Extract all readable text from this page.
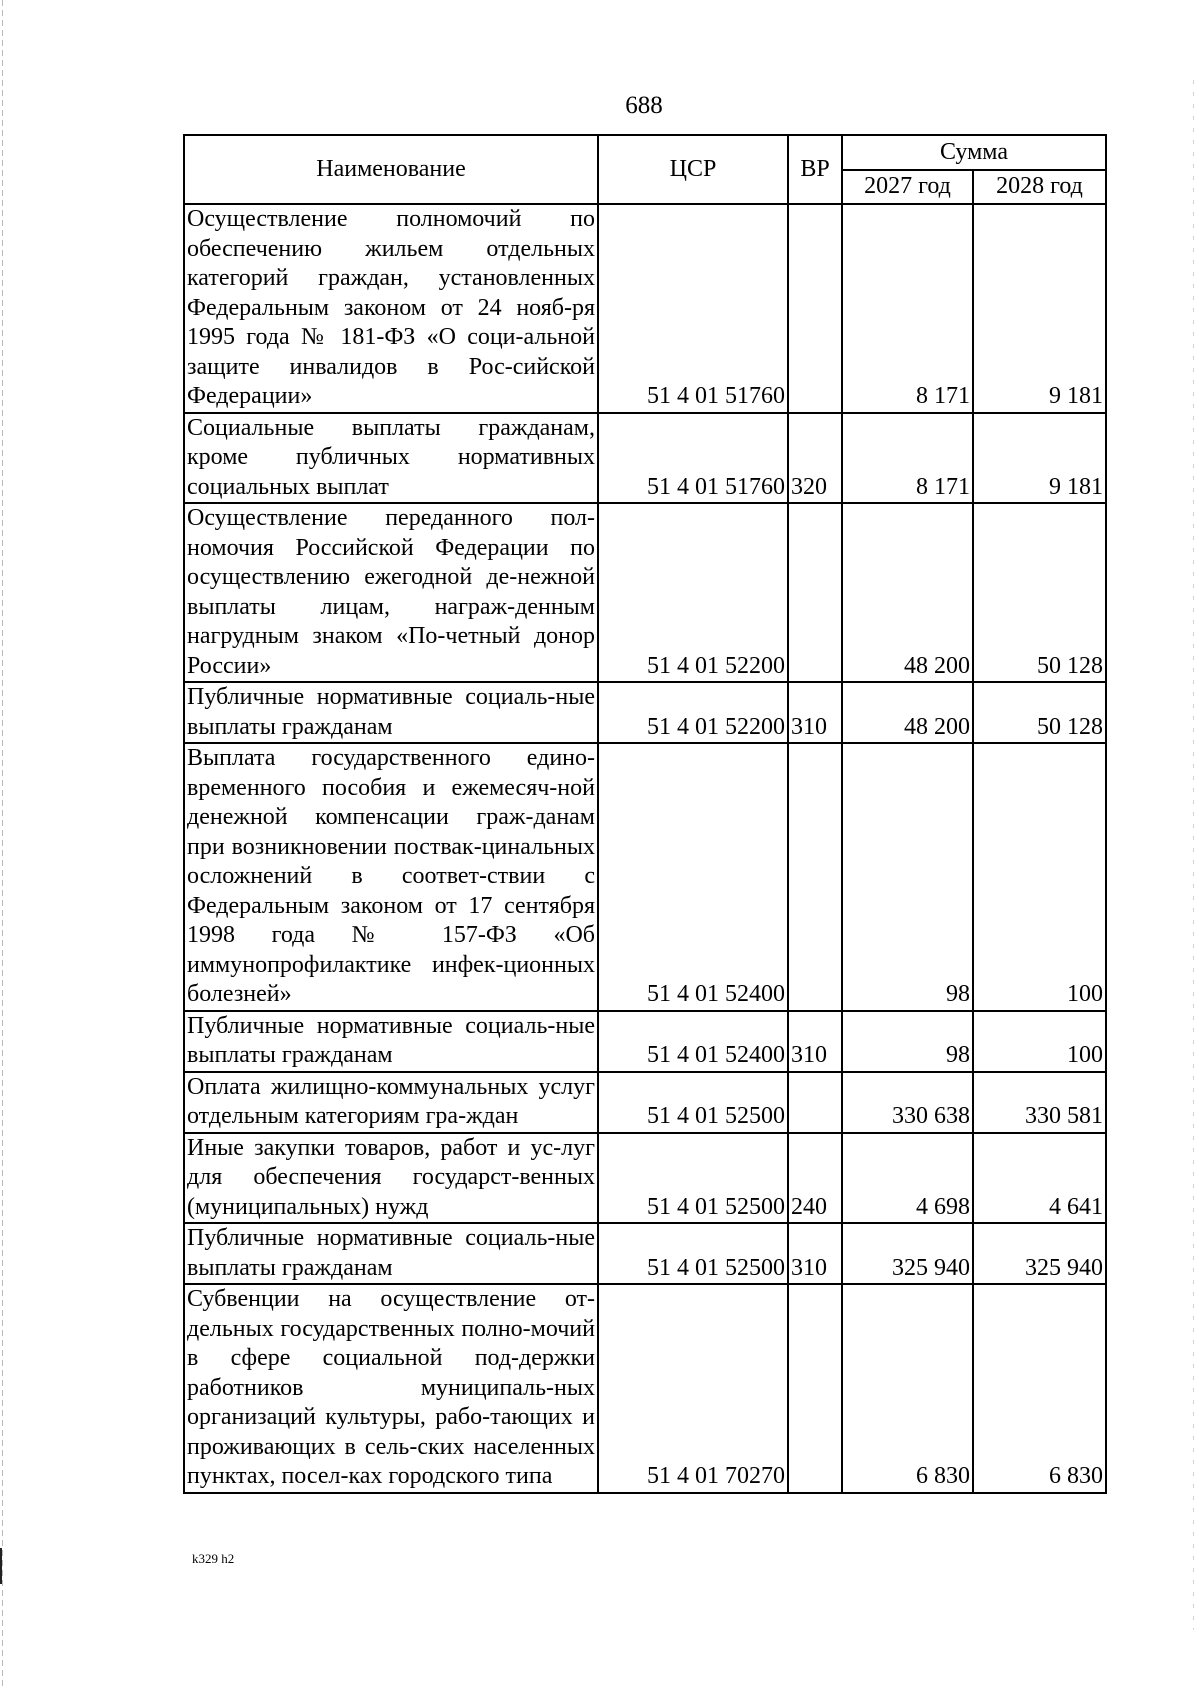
688
Наименование	ЦСР	ВР	Сумма	
			2027 год	2028 год
Осуществление полномочий по обеспечению жильем отдельных категорий граждан, установленных Федеральным законом от 24 нояб-ря 1995 года № 181-ФЗ «О соци-альной защите инвалидов в Рос-сийской Федерации»	51 4 01 51760		8 171	9 181
Социальные выплаты гражданам, кроме публичных нормативных социальных выплат	51 4 01 51760	320	8 171	9 181
Осуществление переданного пол-номочия Российской Федерации по осуществлению ежегодной де-нежной выплаты лицам, награж-денным нагрудным знаком «По-четный донор России»	51 4 01 52200		48 200	50 128
Публичные нормативные социаль-ные выплаты гражданам	51 4 01 52200	310	48 200	50 128
Выплата государственного едино-временного пособия и ежемесяч-ной денежной компенсации граж-данам при возникновении поствак-цинальных осложнений в соответ-ствии с Федеральным законом от 17 сентября 1998 года № 157-ФЗ «Об иммунопрофилактике инфек-ционных болезней»	51 4 01 52400		98	100
Публичные нормативные социаль-ные выплаты гражданам	51 4 01 52400	310	98	100
Оплата жилищно-коммунальных услуг отдельным категориям гра-ждан	51 4 01 52500		330 638	330 581
Иные закупки товаров, работ и ус-луг для обеспечения государст-венных (муниципальных) нужд	51 4 01 52500	240	4 698	4 641
Публичные нормативные социаль-ные выплаты гражданам	51 4 01 52500	310	325 940	325 940
Субвенции на осуществление от-дельных государственных полно-мочий в сфере социальной под-держки работников муниципаль-ных организаций культуры, рабо-тающих и проживающих в сель-ских населенных пунктах, посел-ках городского типа	51 4 01 70270		6 830	6 830
k329 h2
